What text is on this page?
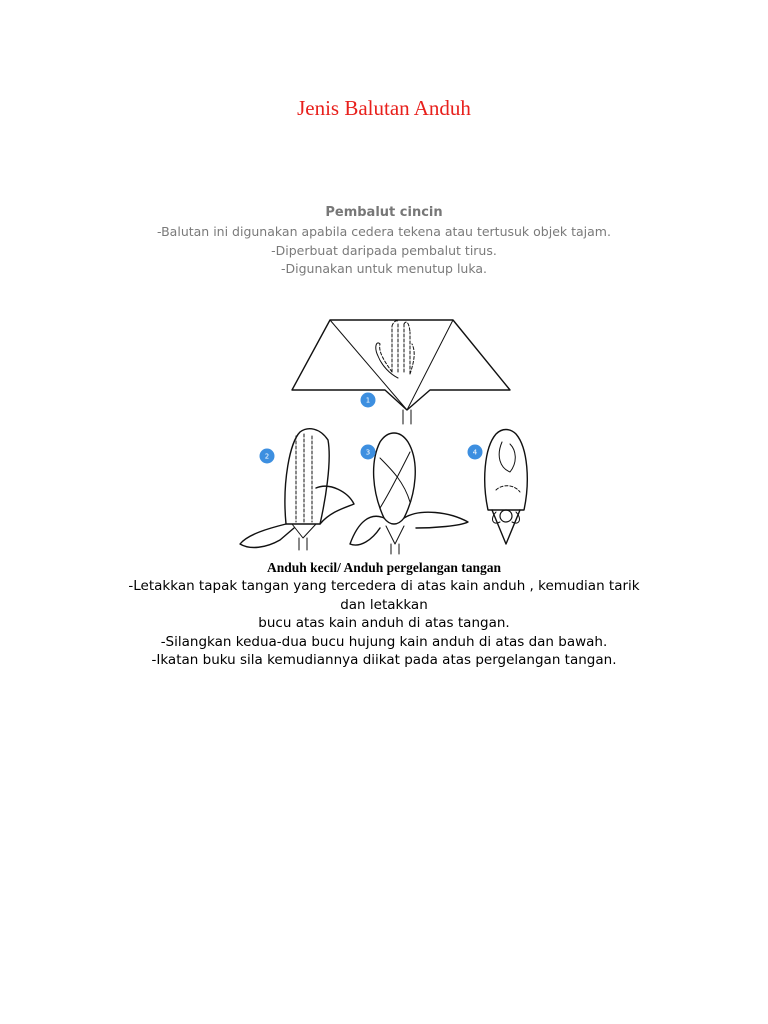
Jenis Balutan Anduh
Pembalut cincin
-Balutan ini digunakan apabila cedera tekena atau tertusuk objek tajam.
-Diperbuat daripada pembalut tirus.
-Digunakan untuk menutup luka.
1
2	3	4
Anduh kecil/ Anduh pergelangan tangan
-Letakkan tapak tangan yang tercedera di atas kain anduh , kemudian tarik
dan letakkan
bucu atas kain anduh di atas tangan.
-Silangkan kedua-dua bucu hujung kain anduh di atas dan bawah.
-Ikatan buku sila kemudiannya diikat pada atas pergelangan tangan.
